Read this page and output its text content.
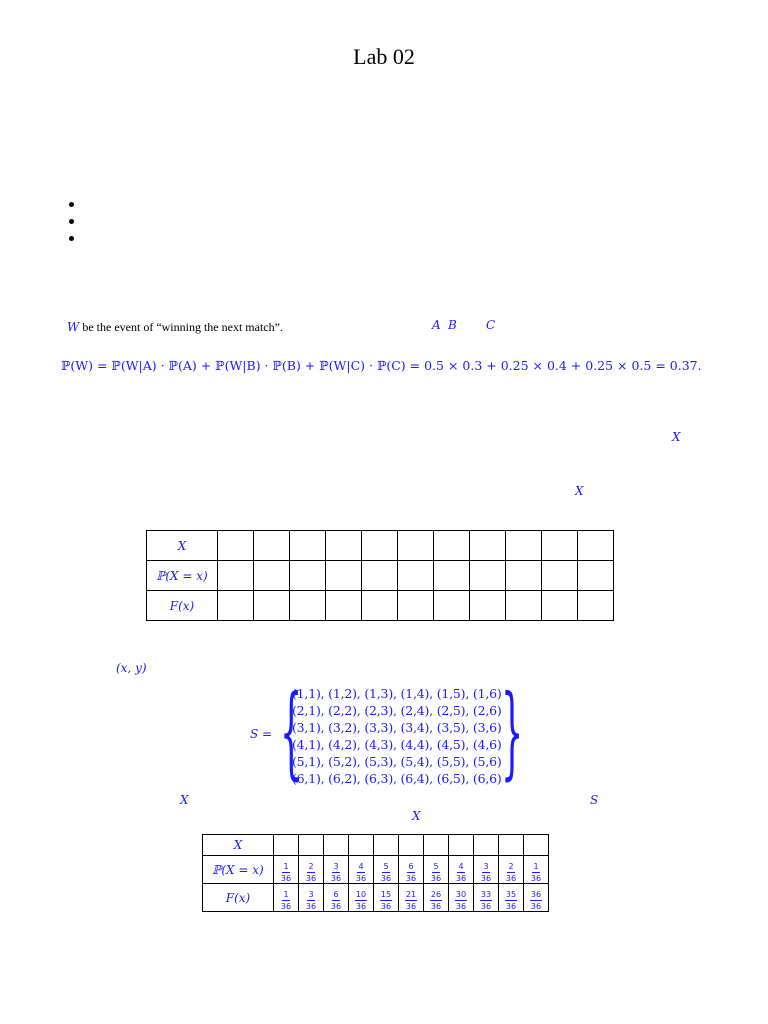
Lab 02
W be the event of “winning the next match”.	A B C
ℙ(W) = ℙ(W|A) · ℙ(A) + ℙ(W|B) · ℙ(B) + ℙ(W|C) · ℙ(C) = 0.5 × 0.3 + 0.25 × 0.4 + 0.25 × 0.5 = 0.37.
X
X
X											
ℙ(X = x)											
F(x)											
(x, y)
S = { }
(1,1), (1,2), (1,3), (1,4), (1,5), (1,6)
(2,1), (2,2), (2,3), (2,4), (2,5), (2,6)
(3,1), (3,2), (3,3), (3,4), (3,5), (3,6)
(4,1), (4,2), (4,3), (4,4), (4,5), (4,6)
(5,1), (5,2), (5,3), (5,4), (5,5), (5,6)
(6,1), (6,2), (6,3), (6,4), (6,5), (6,6)
X	S
X
X											
ℙ(X = x)	$\frac{1}{36}$	$\frac{2}{36}$	$\frac{3}{36}$	$\frac{4}{36}$	$\frac{5}{36}$	$\frac{6}{36}$	$\frac{5}{36}$	$\frac{4}{36}$	$\frac{3}{36}$	$\frac{2}{36}$	$\frac{1}{36}$

F(x)	$\frac{1}{36}$	$\frac{3}{36}$	$\frac{6}{36}$	$\frac{10}{36}$	$\frac{15}{36}$	$\frac{21}{36}$	$\frac{26}{36}$	$\frac{30}{36}$	$\frac{33}{36}$	$\frac{35}{36}$	$\frac{36}{36}$
